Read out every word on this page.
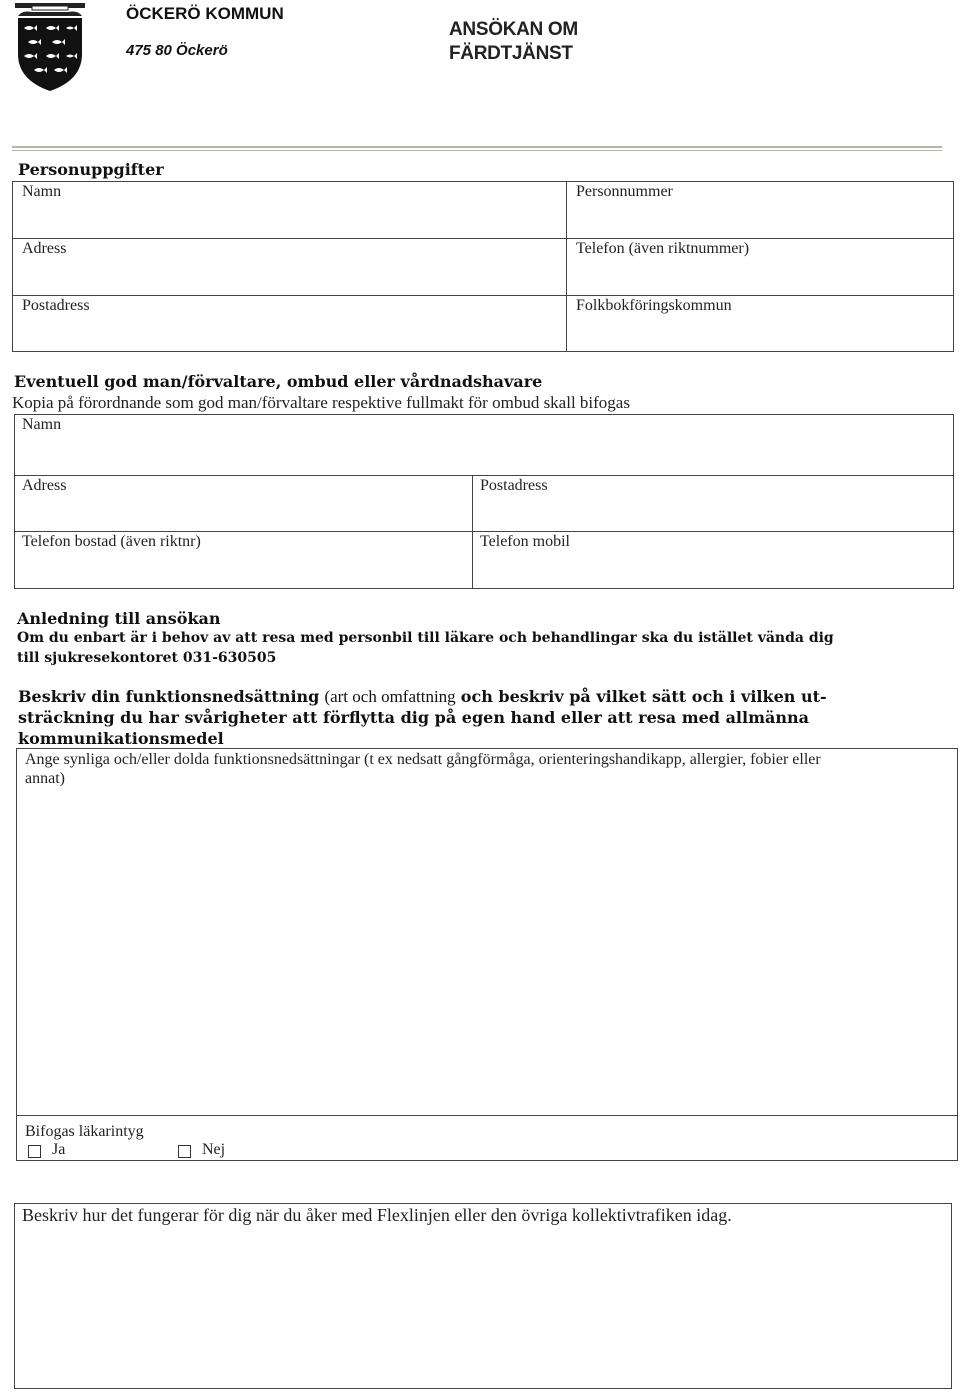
ÖCKERÖ KOMMUN
475 80 Öckerö
ANSÖKAN OM
FÄRDTJÄNST
Personuppgifter
Namn	Personnummer
Adress	Telefon (även riktnummer)
Postadress	Folkbokföringskommun
Eventuell god man/förvaltare, ombud eller vårdnadshavare
Kopia på förordnande som god man/förvaltare respektive fullmakt för ombud skall bifogas
Namn
Adress	Postadress
Telefon bostad (även riktnr)	Telefon mobil
Anledning till ansökan
Om du enbart är i behov av att resa med personbil till läkare och behandlingar ska du istället vända dig
till sjukresekontoret 031-630505
Beskriv din funktionsnedsättning (art och omfattning och beskriv på vilket sätt och i vilken ut-
sträckning du har svårigheter att förflytta dig på egen hand eller att resa med allmänna
kommunikationsmedel
Ange synliga och/eller dolda funktionsnedsättningar (t ex nedsatt gångförmåga, orienteringshandikapp, allergier, fobier eller
annat)
Bifogas läkarintyg
Ja	Nej
Beskriv hur det fungerar för dig när du åker med Flexlinjen eller den övriga kollektivtrafiken idag.
